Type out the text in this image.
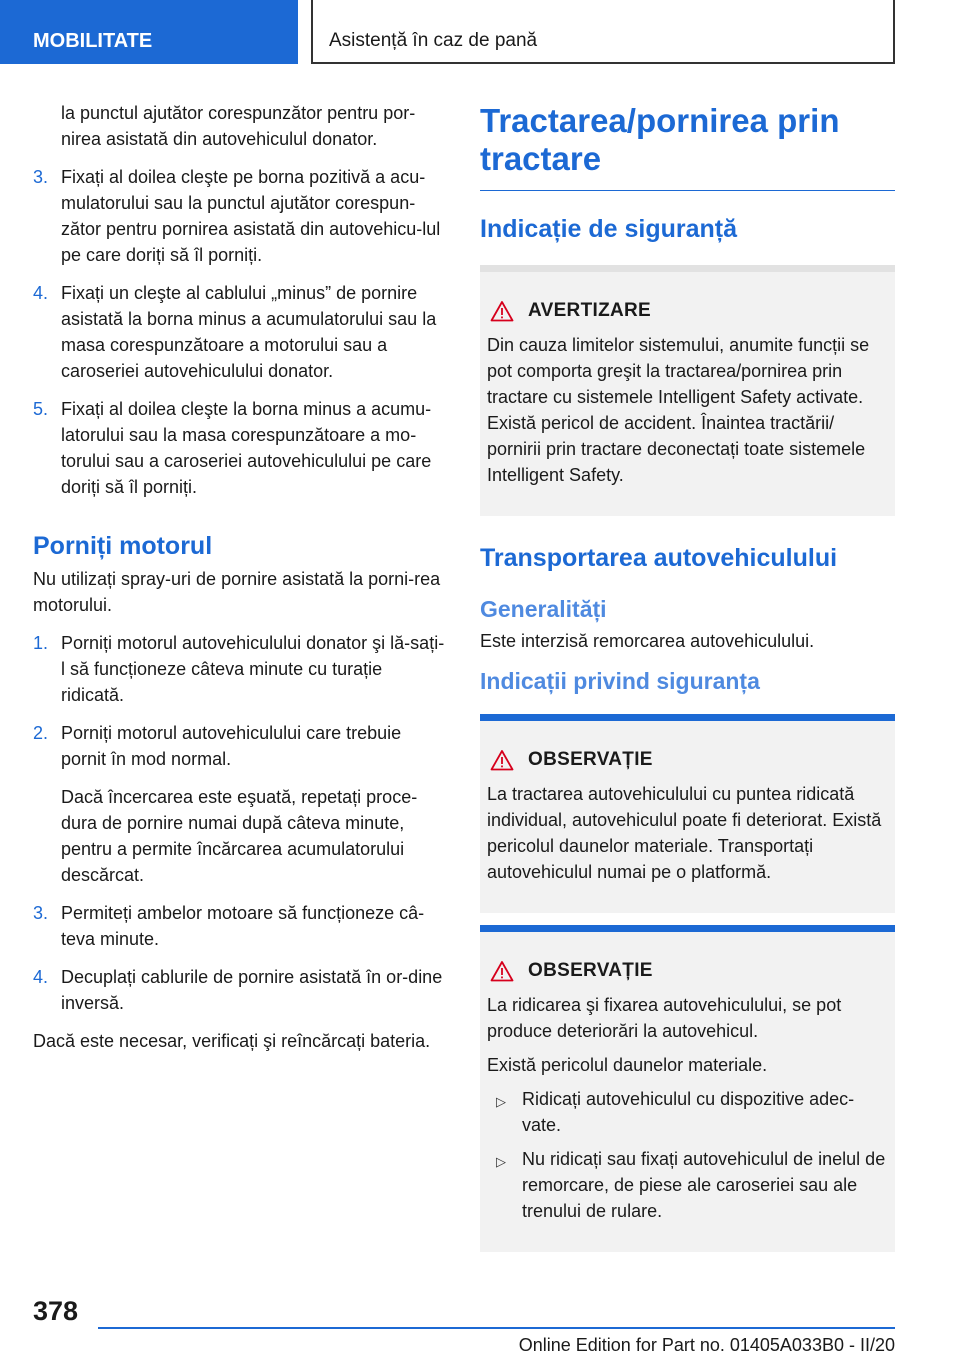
MOBILITATE	Asistență în caz de pană
la punctul ajutător corespunzător pentru por-nirea asistată din autovehiculul donator.
3. Fixați al doilea cleşte pe borna pozitivă a acu-mulatorului sau la punctul ajutător corespun-zător pentru pornirea asistată din autovehicu-lul pe care doriți să îl porniți.
4. Fixați un cleşte al cablului „minus” de pornire asistată la borna minus a acumulatorului sau la masa corespunzătoare a motorului sau a caroseriei autovehiculului donator.
5. Fixați al doilea cleşte la borna minus a acumu-latorului sau la masa corespunzătoare a mo-torului sau a caroseriei autovehiculului pe care doriți să îl porniți.
Porniți motorul

Nu utilizați spray-uri de pornire asistată la porni-rea motorului.

1. Porniți motorul autovehiculului donator şi lă-sați-l să funcționeze câteva minute cu turație ridicată.
2. Porniți motorul autovehiculului care trebuie pornit în mod normal.
Dacă încercarea este eşuată, repetați proce-dura de pornire numai după câteva minute, pentru a permite încărcarea acumulatorului descărcat.
3. Permiteți ambelor motoare să funcționeze câ-teva minute.
4. Decuplați cablurile de pornire asistată în or-dine inversă.

Dacă este necesar, verificați şi reîncărcați bateria.

Tractarea/pornirea prin tractare
Indicație de siguranță
AVERTIZARE

Din cauza limitelor sistemului, anumite funcții se pot comporta greşit la tractarea/pornirea prin tractare cu sistemele Intelligent Safety activate. Există pericol de accident. Înaintea tractării/ pornirii prin tractare deconectați toate sistemele Intelligent Safety.

Transportarea autovehiculului
Generalități

Este interzisă remorcarea autovehiculului.

Indicații privind siguranța
OBSERVAȚIE

La tractarea autovehiculului cu puntea ridicată individual, autovehiculul poate fi deteriorat. Există pericolul daunelor materiale. Transportați autovehiculul numai pe o platformă.

OBSERVAȚIE

La ridicarea şi fixarea autovehiculului, se pot produce deteriorări la autovehicul.

Există pericolul daunelor materiale.

▷ Ridicați autovehiculul cu dispozitive adec-vate.
▷ Nu ridicați sau fixați autovehiculul de inelul de remorcare, de piese ale caroseriei sau ale trenului de rulare.
378
Online Edition for Part no. 01405A033B0 - II/20
